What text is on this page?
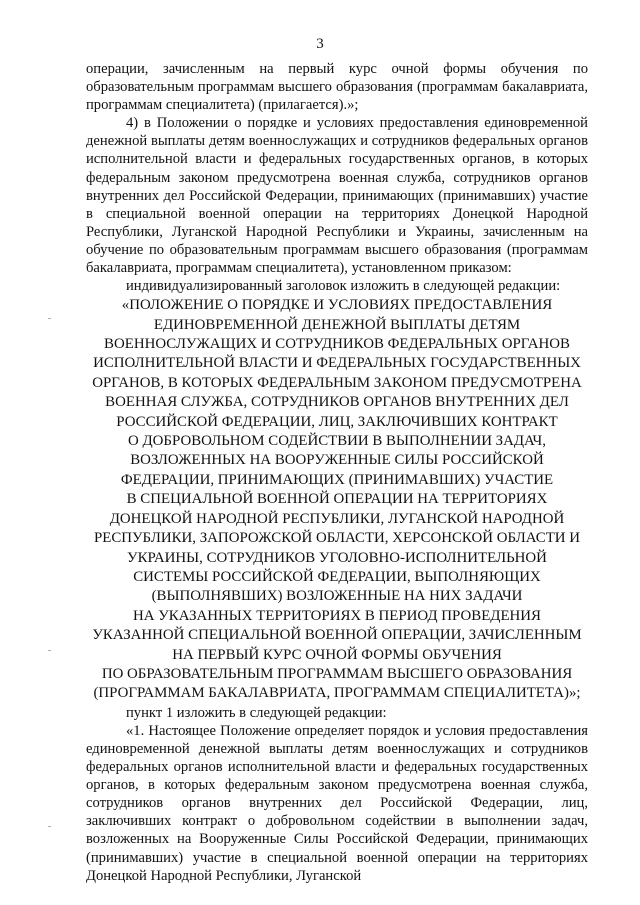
3

операции, зачисленным на первый курс очной формы обучения по образовательным программам высшего образования (программам бакалавриата, программам специалитета) (прилагается).»;

4) в Положении о порядке и условиях предоставления единовременной денежной выплаты детям военнослужащих и сотрудников федеральных органов исполнительной власти и федеральных государственных органов, в которых федеральным законом предусмотрена военная служба, сотрудников органов внутренних дел Российской Федерации, принимающих (принимавших) участие в специальной военной операции на территориях Донецкой Народной Республики, Луганской Народной Республики и Украины, зачисленным на обучение по образовательным программам высшего образования (программам бакалавриата, программам специалитета), установленном приказом:

индивидуализированный заголовок изложить в следующей редакции:

«ПОЛОЖЕНИЕ О ПОРЯДКЕ И УСЛОВИЯХ ПРЕДОСТАВЛЕНИЯ
ЕДИНОВРЕМЕННОЙ ДЕНЕЖНОЙ ВЫПЛАТЫ ДЕТЯМ
ВОЕННОСЛУЖАЩИХ И СОТРУДНИКОВ ФЕДЕРАЛЬНЫХ ОРГАНОВ
ИСПОЛНИТЕЛЬНОЙ ВЛАСТИ И ФЕДЕРАЛЬНЫХ ГОСУДАРСТВЕННЫХ
ОРГАНОВ, В КОТОРЫХ ФЕДЕРАЛЬНЫМ ЗАКОНОМ ПРЕДУСМОТРЕНА
ВОЕННАЯ СЛУЖБА, СОТРУДНИКОВ ОРГАНОВ ВНУТРЕННИХ ДЕЛ
РОССИЙСКОЙ ФЕДЕРАЦИИ, ЛИЦ, ЗАКЛЮЧИВШИХ КОНТРАКТ
О ДОБРОВОЛЬНОМ СОДЕЙСТВИИ В ВЫПОЛНЕНИИ ЗАДАЧ,
ВОЗЛОЖЕННЫХ НА ВООРУЖЕННЫЕ СИЛЫ РОССИЙСКОЙ
ФЕДЕРАЦИИ, ПРИНИМАЮЩИХ (ПРИНИМАВШИХ) УЧАСТИЕ
В СПЕЦИАЛЬНОЙ ВОЕННОЙ ОПЕРАЦИИ НА ТЕРРИТОРИЯХ
ДОНЕЦКОЙ НАРОДНОЙ РЕСПУБЛИКИ, ЛУГАНСКОЙ НАРОДНОЙ
РЕСПУБЛИКИ, ЗАПОРОЖСКОЙ ОБЛАСТИ, ХЕРСОНСКОЙ ОБЛАСТИ И
УКРАИНЫ, СОТРУДНИКОВ УГОЛОВНО-ИСПОЛНИТЕЛЬНОЙ
СИСТЕМЫ РОССИЙСКОЙ ФЕДЕРАЦИИ, ВЫПОЛНЯЮЩИХ
(ВЫПОЛНЯВШИХ) ВОЗЛОЖЕННЫЕ НА НИХ ЗАДАЧИ
НА УКАЗАННЫХ ТЕРРИТОРИЯХ В ПЕРИОД ПРОВЕДЕНИЯ
УКАЗАННОЙ СПЕЦИАЛЬНОЙ ВОЕННОЙ ОПЕРАЦИИ, ЗАЧИСЛЕННЫМ
НА ПЕРВЫЙ КУРС ОЧНОЙ ФОРМЫ ОБУЧЕНИЯ
ПО ОБРАЗОВАТЕЛЬНЫМ ПРОГРАММАМ ВЫСШЕГО ОБРАЗОВАНИЯ
(ПРОГРАММАМ БАКАЛАВРИАТА, ПРОГРАММАМ СПЕЦИАЛИТЕТА)»;

пункт 1 изложить в следующей редакции:

«1. Настоящее Положение определяет порядок и условия предоставления единовременной денежной выплаты детям военнослужащих и сотрудников федеральных органов исполнительной власти и федеральных государственных органов, в которых федеральным законом предусмотрена военная служба, сотрудников органов внутренних дел Российской Федерации, лиц, заключивших контракт о добровольном содействии в выполнении задач, возложенных на Вооруженные Силы Российской Федерации, принимающих (принимавших) участие в специальной военной операции на территориях Донецкой Народной Республики, Луганской
